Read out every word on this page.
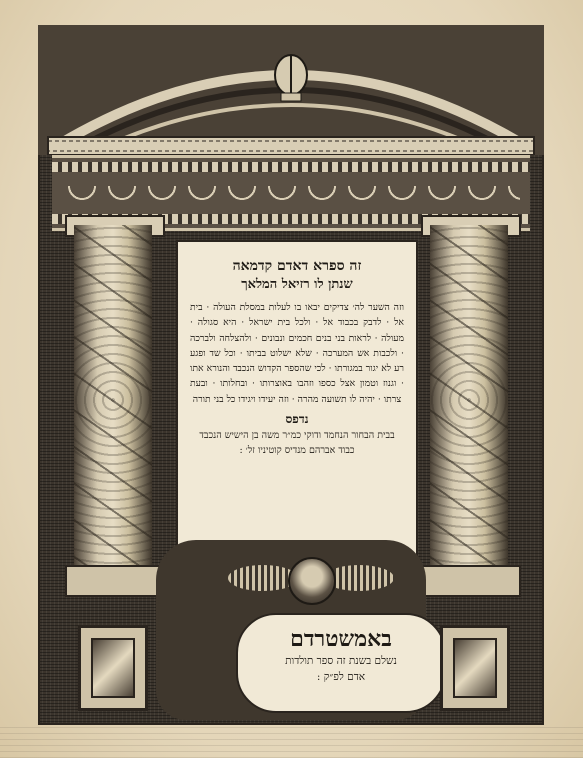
זה ספרא דאדם קדמאה

שנתן לו רזיאל המלאך

וזה השער לה׳ צדיקים יבאו בו לעלות במסלת העולה · בית אל · לדבק בכבוד אל · ולכל בית ישראל · היא סגולה · מעולה · לראות בני בנים חכמים ונבונים · ולהצלחה ולברכה · ולכבות אש המערכה · שלא ישלוט בביתו · וכל שד ופגע רע לא יגור במגורתו · לכי שהספר הקדוש הנכבד והנורא אתו · וגנוז וטמון אצל כספו וזהבו באוצרותו · ובחלותו · ובעת צרתו · יהיה לו תשועה מהרה · וזה יעידו ויגידו כל בני תורה

נדפס

בבית הבחור הנחמד ודוקי כמ״ר משה בן הישיש הנכבד כבוד אברהם מנדיס קוטיניו זל׳ :

באמשטרדם
נשלם בשנת זה ספר תולדות
אדם לפ״ק :
